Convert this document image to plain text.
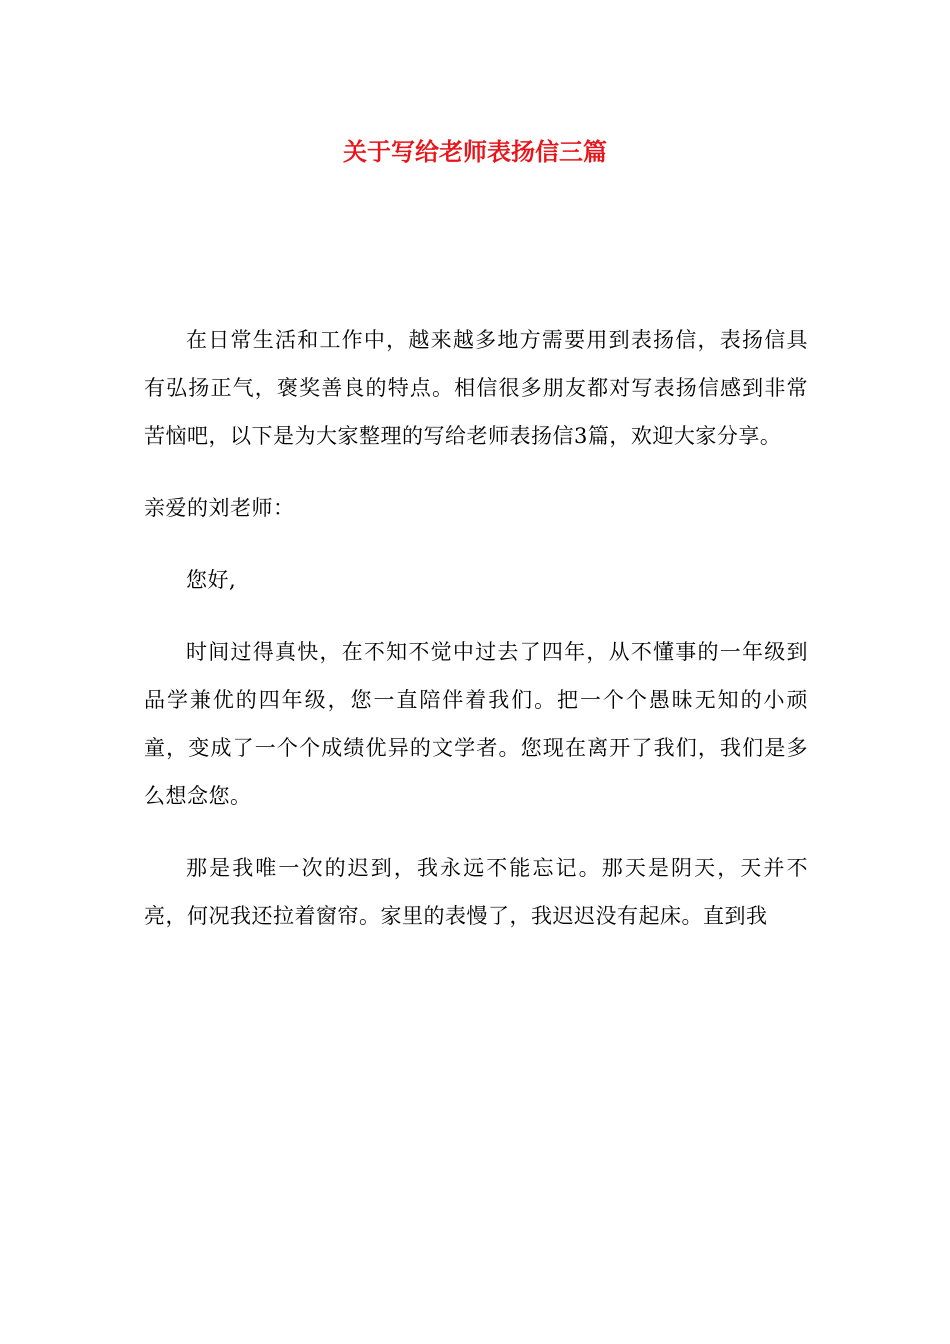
关于写给老师表扬信三篇

在日常生活和工作中，越来越多地方需要用到表扬信，表扬信具有弘扬正气，褒奖善良的特点。相信很多朋友都对写表扬信感到非常苦恼吧，以下是为大家整理的写给老师表扬信3篇，欢迎大家分享。

亲爱的刘老师：

您好,

时间过得真快，在不知不觉中过去了四年，从不懂事的一年级到品学兼优的四年级，您一直陪伴着我们。把一个个愚昧无知的小顽童，变成了一个个成绩优异的文学者。您现在离开了我们，我们是多么想念您。

那是我唯一次的迟到，我永远不能忘记。那天是阴天，天并不亮，何况我还拉着窗帘。家里的表慢了，我迟迟没有起床。直到我
